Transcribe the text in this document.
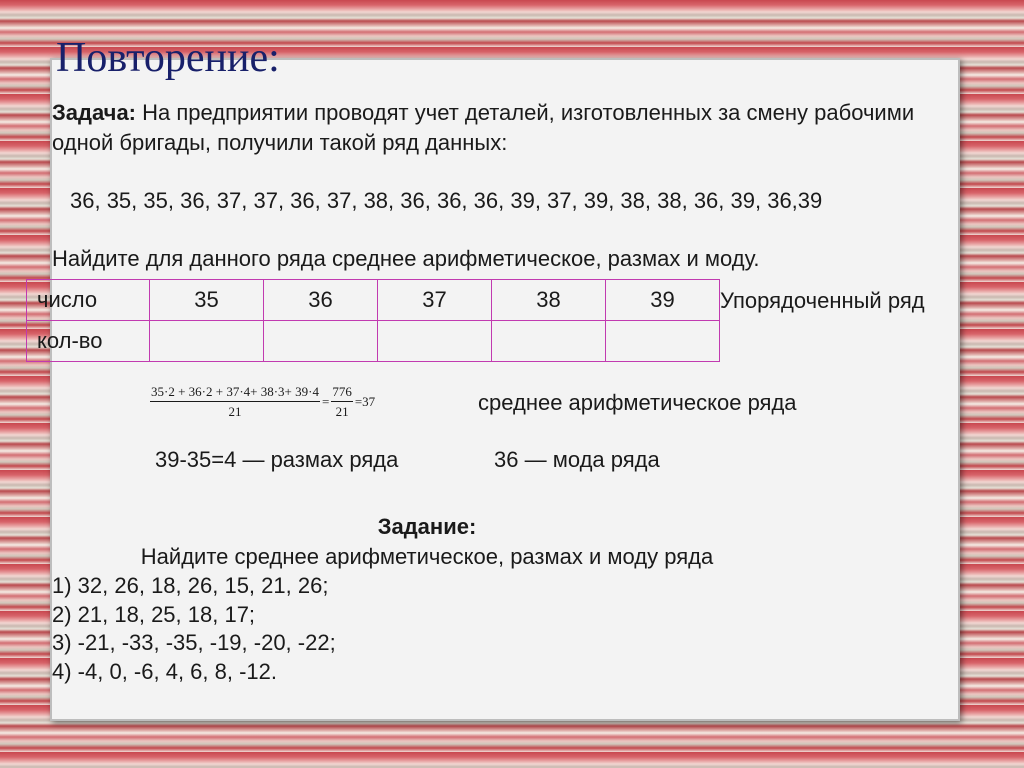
Повторение:
Задача: На предприятии проводят учет деталей, изготовленных за смену рабочими одной бригады, получили такой ряд данных:
36, 35, 35, 36, 37, 37, 36, 37, 38, 36, 36, 36, 39, 37, 39, 38, 38, 36, 39, 36,39
Найдите для данного ряда среднее арифметическое, размах и моду.
число	35	36	37	38	39
кол-во					
Упорядоченный ряд
$\frac{35\cdot 2 + 36\cdot 2 + 37\cdot 4+ 38\cdot 3+ 39\cdot 4}{21} = \frac{776}{21} =37$	среднее арифметическое ряда
39-35=4 — размах ряда	36 — мода ряда
Задание:
Найдите среднее арифметическое, размах и моду ряда
1) 32, 26, 18, 26, 15, 21, 26;
2) 21, 18, 25, 18, 17;
3) -21, -33, -35, -19, -20, -22;
4) -4, 0, -6, 4, 6, 8, -12.
